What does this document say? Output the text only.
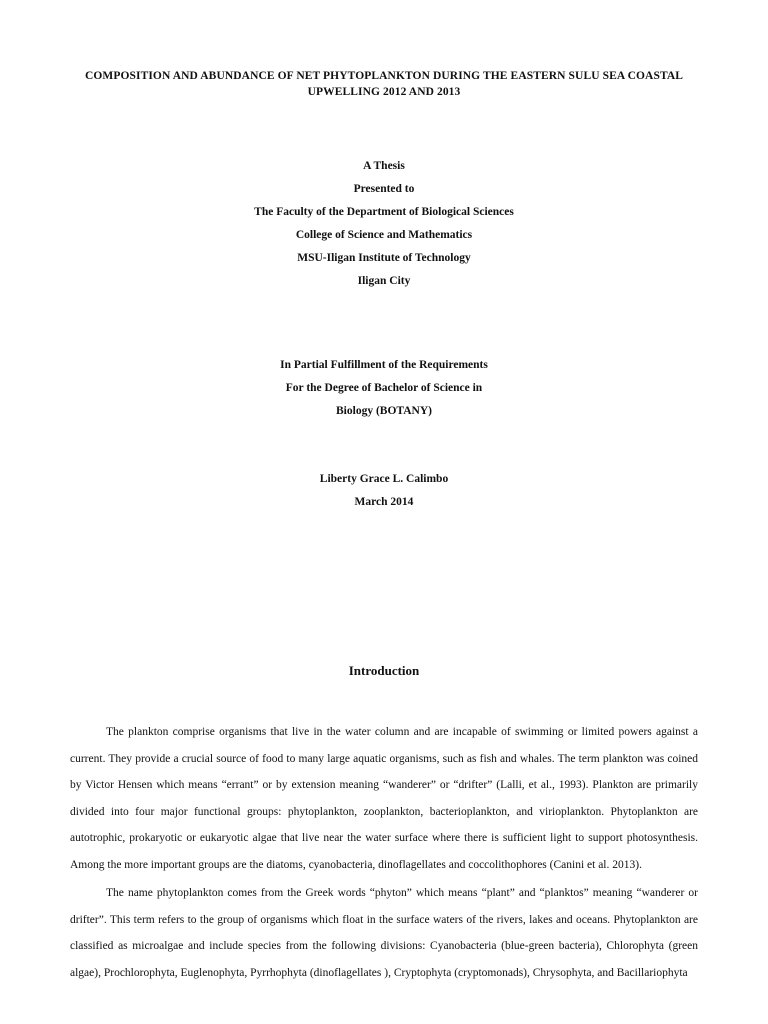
COMPOSITION AND ABUNDANCE OF NET PHYTOPLANKTON DURING THE EASTERN SULU SEA COASTAL
UPWELLING 2012 AND 2013
A Thesis
Presented to
The Faculty of the Department of Biological Sciences
College of Science and Mathematics
MSU-Iligan Institute of Technology
Iligan City
In Partial Fulfillment of the Requirements
For the Degree of Bachelor of Science in
Biology (BOTANY)
Liberty Grace L. Calimbo
March 2014
Introduction

The plankton comprise organisms that live in the water column and are incapable of swimming or limited powers against a current. They provide a crucial source of food to many large aquatic organisms, such as fish and whales. The term plankton was coined by Victor Hensen which means “errant” or by extension meaning “wanderer” or “drifter” (Lalli, et al., 1993). Plankton are primarily divided into four major functional groups: phytoplankton, zooplankton, bacterioplankton, and virioplankton. Phytoplankton are autotrophic, prokaryotic or eukaryotic algae that live near the water surface where there is sufficient light to support photosynthesis. Among the more important groups are the diatoms, cyanobacteria, dinoflagellates and coccolithophores (Canini et al. 2013).

The name phytoplankton comes from the Greek words “phyton” which means “plant” and “planktos” meaning “wanderer or drifter”. This term refers to the group of organisms which float in the surface waters of the rivers, lakes and oceans. Phytoplankton are classified as microalgae and include species from the following divisions: Cyanobacteria (blue-green bacteria), Chlorophyta (green algae), Prochlorophyta, Euglenophyta, Pyrrhophyta (dinoflagellates ), Cryptophyta (cryptomonads), Chrysophyta, and Bacillariophyta
